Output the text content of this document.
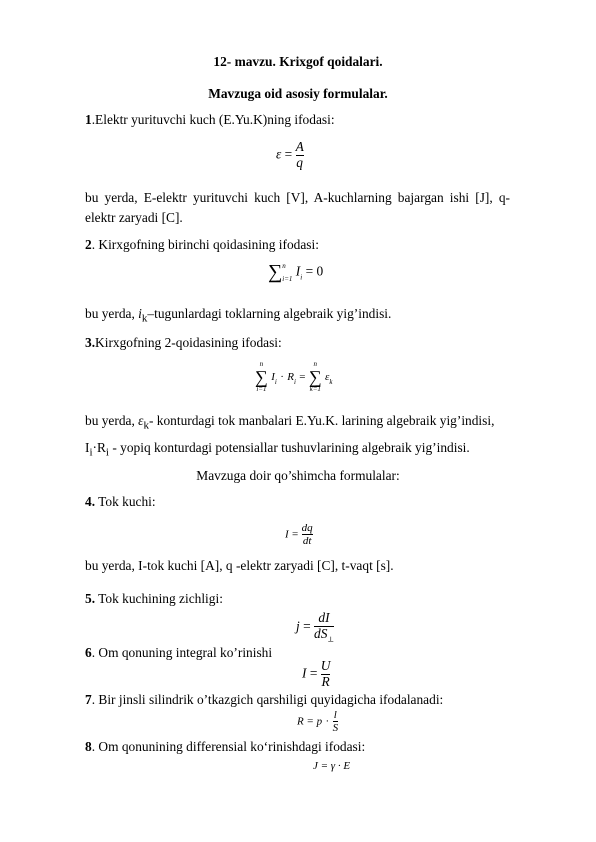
12- mavzu. Krixgof qoidalari.
Mavzuga oid asosiy formulalar.
1.Elektr yurituvchi kuch (E.Yu.K)ning ifodasi:
$\varepsilon = \frac{A}{q}$
bu yerda, E-elektr yurituvchi kuch [V], A-kuchlarning bajargan ishi [J], q- elektr zaryadi [C].
2. Kirxgofning birinchi qoidasining ifodasi:
∑ n
i=1 $I_i = 0$
bu yerda, $i_k$–tugunlardagi toklarning algebraik yig’indisi.
3.Kirxgofning 2-qoidasining ifodasi:
n
∑
i=1
$I_i \cdot R_i$ =
n
∑
k=1
$\varepsilon_k$
bu yerda, $\varepsilon_k-$ konturdagi tok manbalari E.Yu.K. larining algebraik yig’indisi,
$I_i\cdot R_i$ - yopiq konturdagi potensiallar tushuvlarining algebraik yig’indisi.
Mavzuga doir qo’shimcha formulalar:
4. Tok kuchi:
$I = \frac{dq}{dt}$
bu yerda, I-tok kuchi [A], q -elektr zaryadi [C], t-vaqt [s].
5. Tok kuchining zichligi:
$j = \frac{dI}{dS_\perp}$
6. Om qonuning integral ko’rinishi
$I = \frac{U}{R}$
7. Bir jinsli silindrik o’tkazgich qarshiligi quyidagicha ifodalanadi:
$R = p \cdot \frac{l}{S}$
8. Om qonunining differensial ko‘rinishdagi ifodasi:
J = γ · E
